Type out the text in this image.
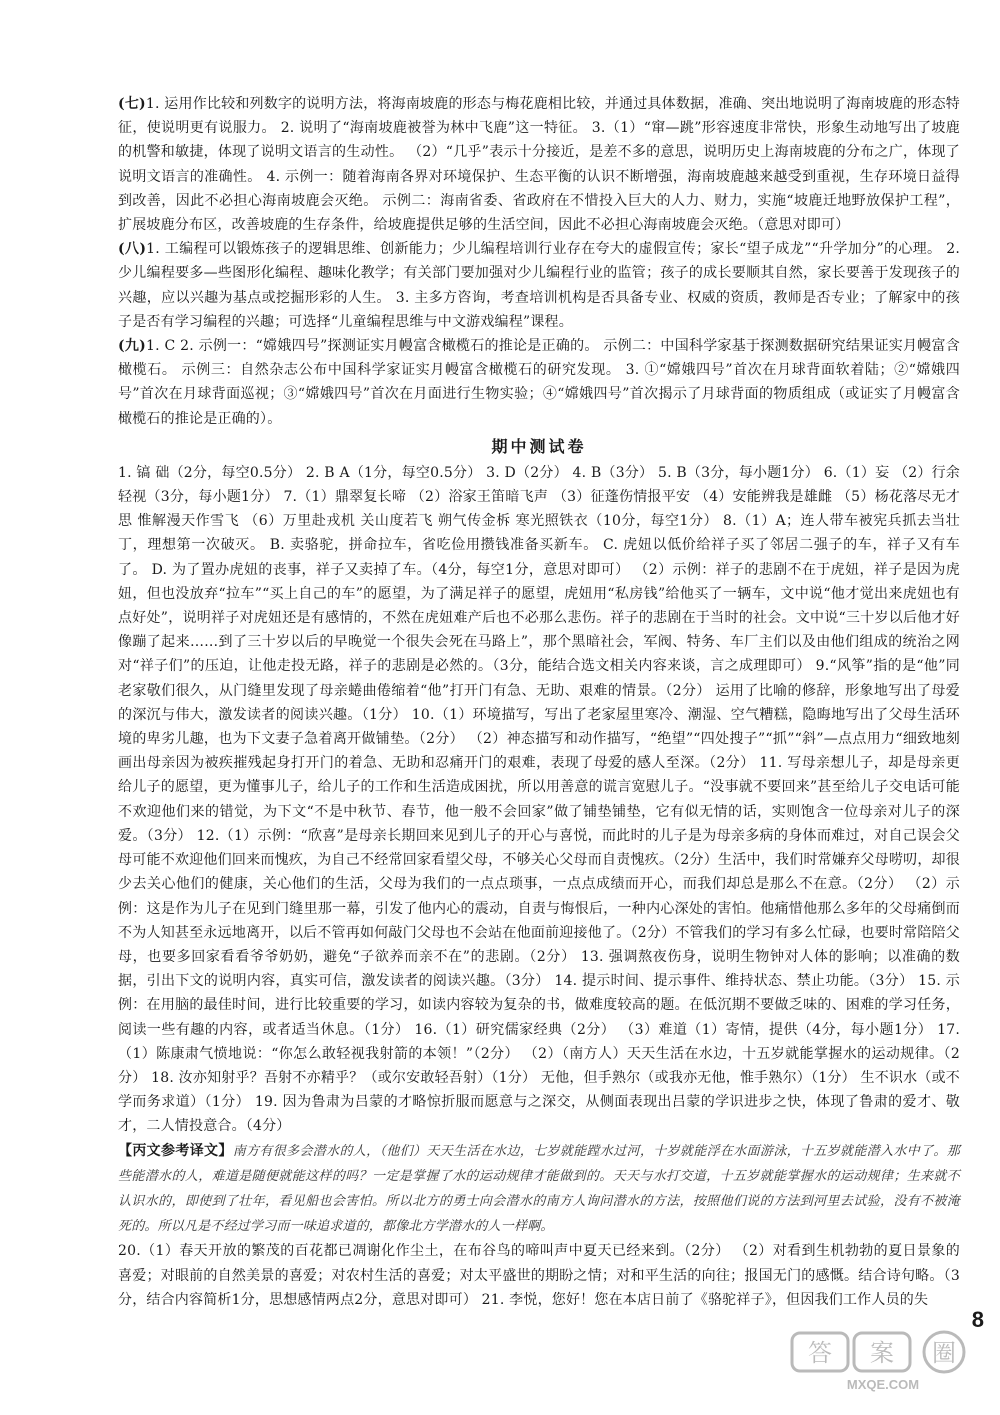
(七)1. 运用作比较和列数字的说明方法，将海南坡鹿的形态与梅花鹿相比较，并通过具体数据，准确、突出地说明了海南坡鹿的形态特征，使说明更有说服力。 2. 说明了“海南坡鹿被誉为林中飞鹿”这一特征。 3.（1）“窜—跳”形容速度非常快，形象生动地写出了坡鹿的机警和敏捷，体现了说明文语言的生动性。 （2）“几乎”表示十分接近，是差不多的意思，说明历史上海南坡鹿的分布之广，体现了说明文语言的准确性。 4. 示例一：随着海南各界对环境保护、生态平衡的认识不断增强，海南坡鹿越来越受到重视，生存环境日益得到改善，因此不必担心海南坡鹿会灭绝。 示例二：海南省委、省政府在不惜投入巨大的人力、财力，实施“坡鹿迁地野放保护工程”，扩展坡鹿分布区，改善坡鹿的生存条件，给坡鹿提供足够的生活空间，因此不必担心海南坡鹿会灭绝。（意思对即可）

(八)1. 工编程可以锻炼孩子的逻辑思维、创新能力；少儿编程培训行业存在夸大的虚假宣传；家长“望子成龙”“升学加分”的心理。 2. 少儿编程要多—些图形化编程、趣味化教学；有关部门要加强对少儿编程行业的监管；孩子的成长要顺其自然，家长要善于发现孩子的兴趣，应以兴趣为基点或挖掘形彩的人生。 3. 主多方咨询，考查培训机构是否具备专业、权威的资质，教师是否专业；了解家中的孩子是否有学习编程的兴趣；可选择“儿童编程思维与中文游戏编程”课程。

(九)1. C 2. 示例一：“嫦娥四号”探测证实月幔富含橄榄石的推论是正确的。 示例二：中国科学家基于探测数据研究结果证实月幔富含橄榄石。 示例三：自然杂志公布中国科学家证实月幔富含橄榄石的研究发现。 3. ①“嫦娥四号”首次在月球背面软着陆；②“嫦娥四号”首次在月球背面巡视；③“嫦娥四号”首次在月面进行生物实验；④“嫦娥四号”首次揭示了月球背面的物质组成（或证实了月幔富含橄榄石的推论是正确的）。

期中测试卷

1. 镐 础（2分，每空0.5分） 2. B A（1分，每空0.5分） 3. D（2分） 4. B（3分） 5. B（3分，每小题1分） 6.（1）妄 （2）行余轻视（3分，每小题1分） 7.（1）鼎翠复长啼 （2）浴家王笛暗飞声 （3）征蓬伤情报平安 （4）安能辨我是雄雌 （5）杨花落尽无才思 惟解漫天作雪飞 （6）万里赴戎机 关山度若飞 朔气传金柝 寒光照铁衣（10分，每空1分） 8.（1）A；连人带车被宪兵抓去当壮丁，理想第一次破灭。 B. 卖骆驼，拼命拉车，省吃俭用攒钱准备买新车。 C. 虎妞以低价给祥子买了邻居二强子的车，祥子又有车了。 D. 为了置办虎妞的丧事，祥子又卖掉了车。（4分，每空1分，意思对即可） （2）示例：祥子的悲剧不在于虎妞，祥子是因为虎妞，但也没放弃“拉车”“买上自己的车”的愿望，为了满足祥子的愿望，虎妞用“私房钱”给他买了一辆车，文中说“他才觉出来虎妞也有点好处”，说明祥子对虎妞还是有感情的，不然在虎妞难产后也不必那么悲伤。祥子的悲剧在于当时的社会。文中说“三十岁以后他才好像蹦了起来……到了三十岁以后的早晚觉一个很失会死在马路上”，那个黑暗社会，军阀、特务、车厂主们以及由他们组成的统治之网对“祥子们”的压迫，让他走投无路，祥子的悲剧是必然的。（3分，能结合选文相关内容来谈，言之成理即可） 9.“风筝”指的是“他”同老家敬们很久，从门缝里发现了母亲蜷曲倦缩着“他”打开门有急、无助、艰难的情景。（2分） 运用了比喻的修辞，形象地写出了母爱的深沉与伟大，激发读者的阅读兴趣。（1分） 10.（1）环境描写，写出了老家屋里寒冷、潮湿、空气糟糕，隐晦地写出了父母生活环境的卑劣儿趣，也为下文妻子急着离开做铺垫。（2分） （2）神态描写和动作描写，“绝望”“四处搜子”“抓”“斜”—点点用力“细致地刻画出母亲因为被疾摧残起身打开门的着急、无助和忍痛开门的艰难，表现了母爱的感人至深。（2分） 11. 写母亲想儿子，却是母亲更给儿子的愿望，更为懂事儿子，给儿子的工作和生活造成困扰，所以用善意的谎言宽慰儿子。“没事就不要回来”甚至给儿子交电话可能不欢迎他们来的错觉，为下文“不是中秋节、春节，他一般不会回家”做了铺垫铺垫，它有似无情的话，实则饱含一位母亲对儿子的深爱。（3分） 12.（1）示例：“欣喜”是母亲长期回来见到儿子的开心与喜悦，而此时的儿子是为母亲多病的身体而难过，对自己误会父母可能不欢迎他们回来而愧疚，为自己不经常回家看望父母，不够关心父母而自责愧疚。（2分）生活中，我们时常嫌弃父母唠叨，却很少去关心他们的健康，关心他们的生活，父母为我们的一点点琐事，一点点成绩而开心，而我们却总是那么不在意。（2分） （2）示例：这是作为儿子在见到门缝里那一幕，引发了他内心的震动，自责与悔恨后，一种内心深处的害怕。他痛惜他那么多年的父母痛倒而不为人知甚至永远地离开，以后不管再如何敲门父母也不会站在他面前迎接他了。（2分）不管我们的学习有多么忙碌，也要时常陪陪父母，也要多回家看看爷爷奶奶，避免“子欲养而亲不在”的悲剧。（2分） 13. 强调熬夜伤身，说明生物钟对人体的影响；以准确的数据，引出下文的说明内容，真实可信，激发读者的阅读兴趣。（3分） 14. 提示时间、提示事件、维持状态、禁止功能。（3分） 15. 示例：在用脑的最佳时间，进行比较重要的学习，如读内容较为复杂的书，做难度较高的题。在低沉期不要做乏味的、困难的学习任务，阅读一些有趣的内容，或者适当休息。（1分） 16.（1）研究儒家经典（2分） （3）难道（1）寄情，提供（4分，每小题1分） 17.（1）陈康肃气愤地说：“你怎么敢轻视我射箭的本领！”（2分） （2）（南方人）天天生活在水边，十五岁就能掌握水的运动规律。（2分） 18. 汝亦知射乎？吾射不亦精乎？（或尔安敢轻吾射）（1分） 无他，但手熟尔（或我亦无他，惟手熟尔）（1分） 生不识水（或不学而务求道）（1分） 19. 因为鲁肃为吕蒙的才略惊折服而愿意与之深交，从侧面表现出吕蒙的学识进步之快，体现了鲁肃的爱才、敬才，二人情投意合。（4分）

【丙文参考译文】南方有很多会潜水的人，（他们）天天生活在水边，七岁就能蹚水过河，十岁就能浮在水面游泳，十五岁就能潜入水中了。那些能潜水的人，难道是随便就能这样的吗？一定是掌握了水的运动规律才能做到的。天天与水打交道，十五岁就能掌握水的运动规律；生来就不认识水的，即使到了壮年，看见船也会害怕。所以北方的勇士向会潜水的南方人询问潜水的方法，按照他们说的方法到河里去试验，没有不被淹死的。所以凡是不经过学习而一味追求道的，都像北方学潜水的人一样啊。

20.（1）春天开放的繁茂的百花都已凋谢化作尘土，在布谷鸟的啼叫声中夏天已经来到。（2分） （2）对看到生机勃勃的夏日景象的喜爱；对眼前的自然美景的喜爱；对农村生活的喜爱；对太平盛世的期盼之情；对和平生活的向往；报国无门的感慨。结合诗句略。（3分，结合内容简析1分，思想感情两点2分，意思对即可） 21. 李悦，您好！您在本店日前了《骆驼祥子》，但因我们工作人员的失

8
答 案 圈
MXQE.COM
